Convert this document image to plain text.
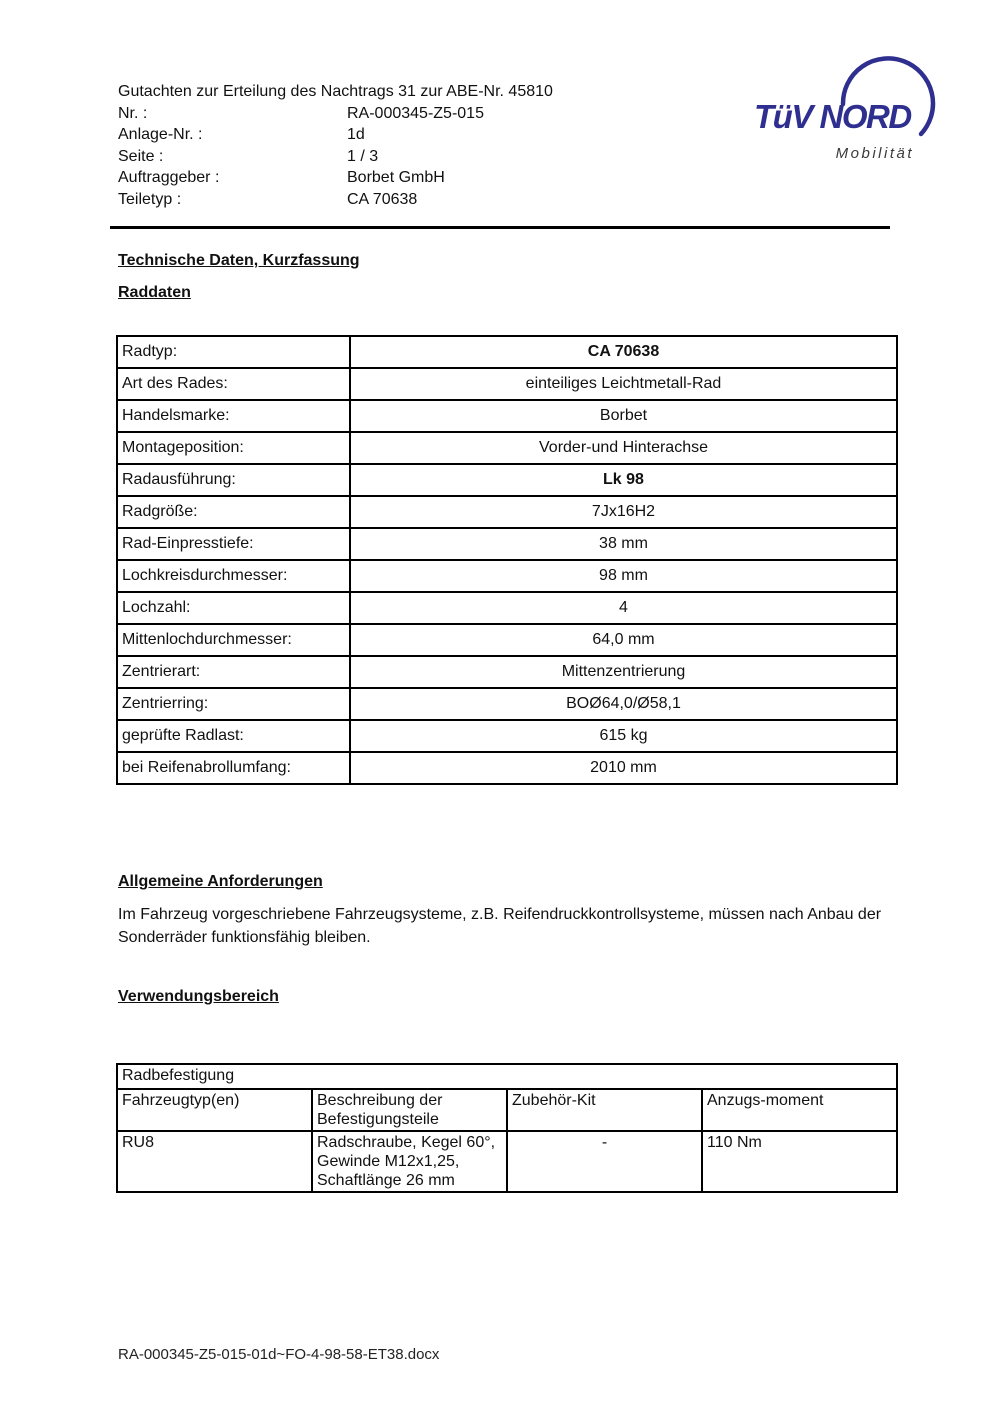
Gutachten zur Erteilung des Nachtrags 31 zur ABE-Nr. 45810
Nr. :	RA-000345-Z5-015
Anlage-Nr. :	1d
Seite :	1 / 3
Auftraggeber :	Borbet GmbH
Teiletyp :	CA 70638
TüV NORD
Mobilität
Technische Daten, Kurzfassung
Raddaten
Radtyp:	CA 70638
Art des Rades:	einteiliges Leichtmetall-Rad
Handelsmarke:	Borbet
Montageposition:	Vorder-und Hinterachse
Radausführung:	Lk 98
Radgröße:	7Jx16H2
Rad-Einpresstiefe:	38 mm
Lochkreisdurchmesser:	98 mm
Lochzahl:	4
Mittenlochdurchmesser:	64,0 mm
Zentrierart:	Mittenzentrierung
Zentrierring:	BOØ64,0/Ø58,1
geprüfte Radlast:	615 kg
bei Reifenabrollumfang:	2010 mm
Allgemeine Anforderungen
Im Fahrzeug vorgeschriebene Fahrzeugsysteme, z.B. Reifendruckkontrollsysteme, müssen nach Anbau der Sonderräder funktionsfähig bleiben.
Verwendungsbereich
Radbefestigung			
Fahrzeugtyp(en)	Beschreibung der Befestigungsteile	Zubehör-Kit	Anzugs-moment
RU8	Radschraube, Kegel 60°, Gewinde M12x1,25, Schaftlänge 26 mm	-	110 Nm
RA-000345-Z5-015-01d~FO-4-98-58-ET38.docx
